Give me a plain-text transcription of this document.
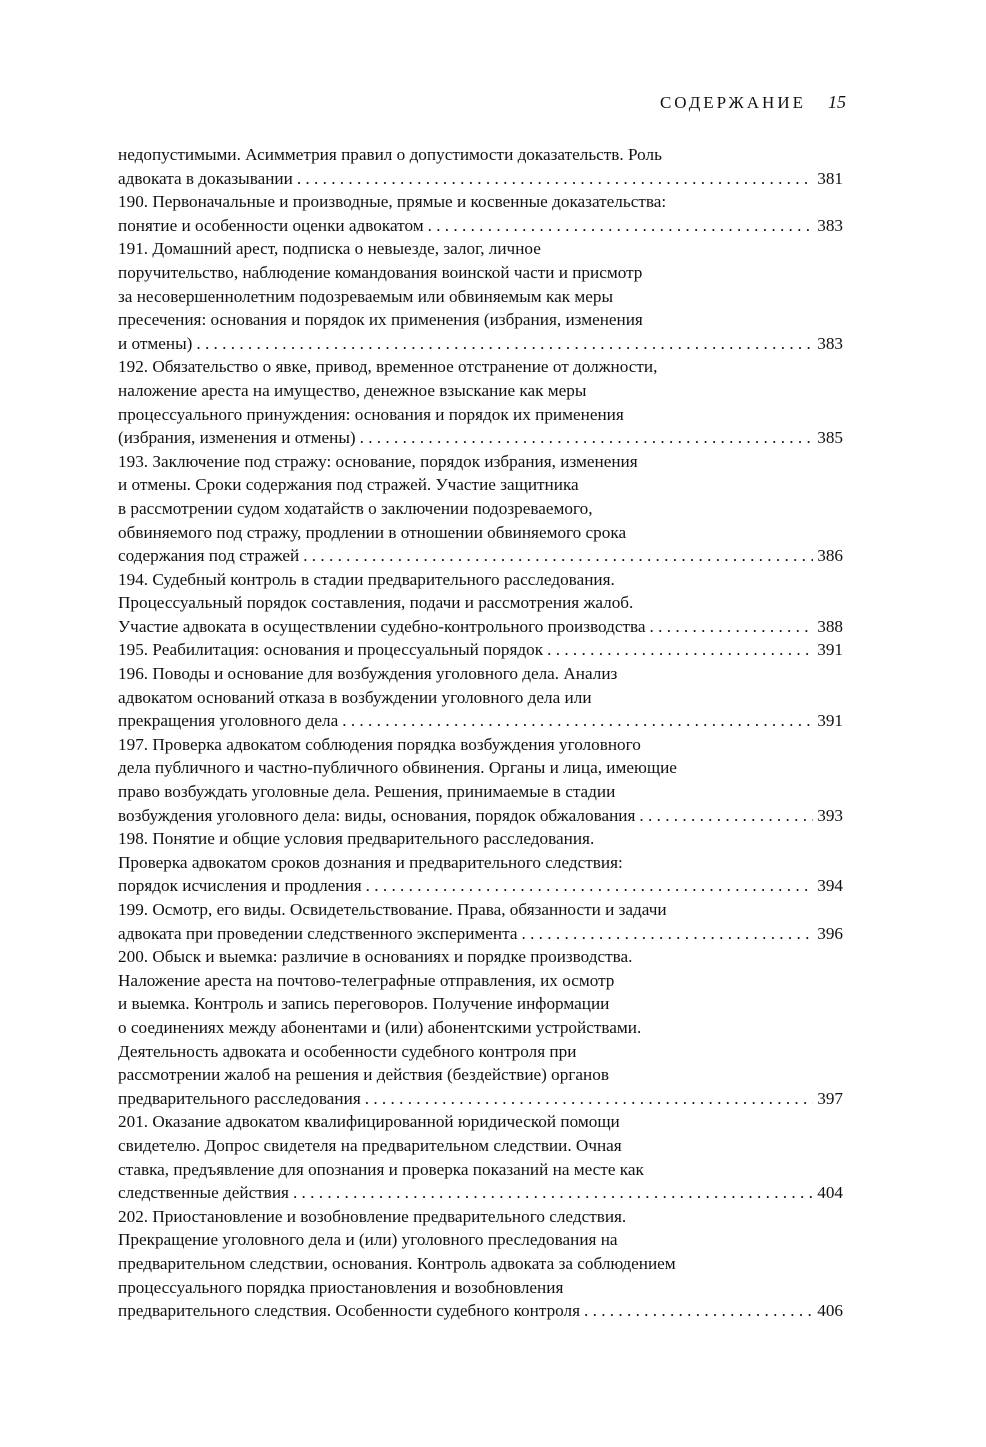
СОДЕРЖАНИЕ 15
недопустимыми. Асимметрия правил о допустимости доказательств. Роль
адвоката в доказывании . . .	381
190. Первоначальные и производные, прямые и косвенные доказательства:
понятие и особенности оценки адвокатом . . .	383
191. Домашний арест, подписка о невыезде, залог, личное
поручительство, наблюдение командования воинской части и присмотр
за несовершеннолетним подозреваемым или обвиняемым как меры
пресечения: основания и порядок их применения (избрания, изменения
и отмены) . . .	383
192. Обязательство о явке, привод, временное отстранение от должности,
наложение ареста на имущество, денежное взыскание как меры
процессуального принуждения: основания и порядок их применения
(избрания, изменения и отмены) . . .	385
193. Заключение под стражу: основание, порядок избрания, изменения
и отмены. Сроки содержания под стражей. Участие защитника
в рассмотрении судом ходатайств о заключении подозреваемого,
обвиняемого под стражу, продлении в отношении обвиняемого срока
содержания под стражей . . .	386
194. Судебный контроль в стадии предварительного расследования.
Процессуальный порядок составления, подачи и рассмотрения жалоб.
Участие адвоката в осуществлении судебно-контрольного производства . . .	388
195. Реабилитация: основания и процессуальный порядок . . .	391
196. Поводы и основание для возбуждения уголовного дела. Анализ
адвокатом оснований отказа в возбуждении уголовного дела или
прекращения уголовного дела . . .	391
197. Проверка адвокатом соблюдения порядка возбуждения уголовного
дела публичного и частно-публичного обвинения. Органы и лица, имеющие
право возбуждать уголовные дела. Решения, принимаемые в стадии
возбуждения уголовного дела: виды, основания, порядок обжалования . . .	393
198. Понятие и общие условия предварительного расследования.
Проверка адвокатом сроков дознания и предварительного следствия:
порядок исчисления и продления . . .	394
199. Осмотр, его виды. Освидетельствование. Права, обязанности и задачи
адвоката при проведении следственного эксперимента . . .	396
200. Обыск и выемка: различие в основаниях и порядке производства.
Наложение ареста на почтово-телеграфные отправления, их осмотр
и выемка. Контроль и запись переговоров. Получение информации
о соединениях между абонентами и (или) абонентскими устройствами.
Деятельность адвоката и особенности судебного контроля при
рассмотрении жалоб на решения и действия (бездействие) органов
предварительного расследования . . .	397
201. Оказание адвокатом квалифицированной юридической помощи
свидетелю. Допрос свидетеля на предварительном следствии. Очная
ставка, предъявление для опознания и проверка показаний на месте как
следственные действия . . .	404
202. Приостановление и возобновление предварительного следствия.
Прекращение уголовного дела и (или) уголовного преследования на
предварительном следствии, основания. Контроль адвоката за соблюдением
процессуального порядка приостановления и возобновления
предварительного следствия. Особенности судебного контроля . . .	406
